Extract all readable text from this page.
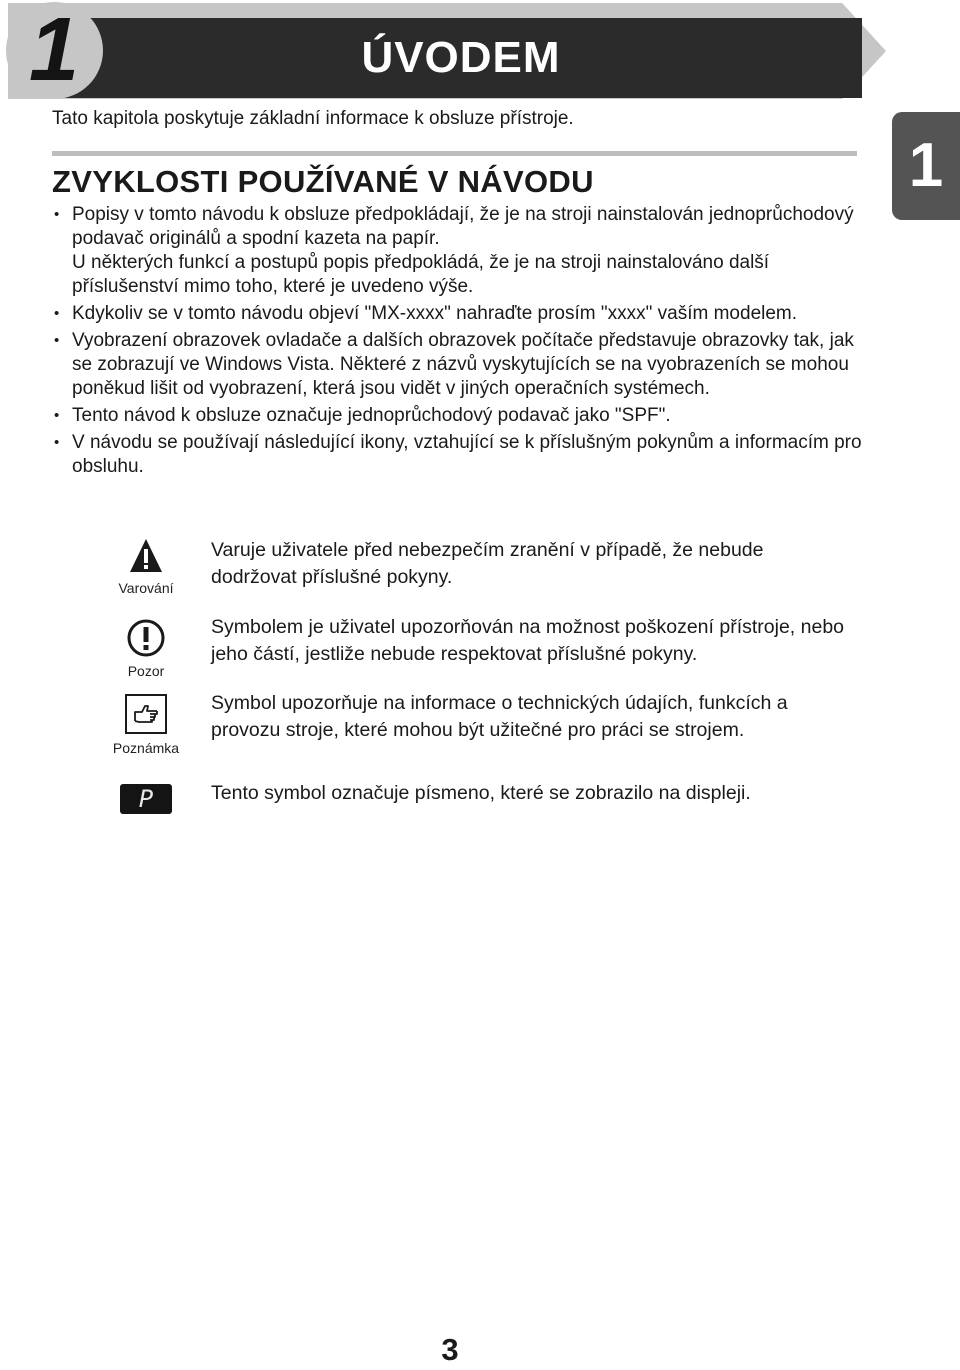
ÚVODEM
1
Tato kapitola poskytuje základní informace k obsluze přístroje.
1
ZVYKLOSTI POUŽÍVANÉ V NÁVODU
• Popisy v tomto návodu k obsluze předpokládají, že je na stroji nainstalován jednoprůchodový podavač originálů a spodní kazeta na papír.
U některých funkcí a postupů popis předpokládá, že je na stroji nainstalováno další příslušenství mimo toho, které je uvedeno výše.
• Kdykoliv se v tomto návodu objeví "MX-xxxx" nahraďte prosím "xxxx" vaším modelem.
• Vyobrazení obrazovek ovladače a dalších obrazovek počítače představuje obrazovky tak, jak se zobrazují ve Windows Vista. Některé z názvů vyskytujících se na vyobrazeních se mohou poněkud lišit od vyobrazení, která jsou vidět v jiných operačních systémech.
• Tento návod k obsluze označuje jednoprůchodový podavač jako "SPF".
• V návodu se používají následující ikony, vztahující se k příslušným pokynům a informacím pro obsluhu.
Varování
Varuje uživatele před nebezpečím zranění v případě, že nebude dodržovat příslušné pokyny.
Pozor
Symbolem je uživatel upozorňován na možnost poškození přístroje, nebo jeho částí, jestliže nebude respektovat příslušné pokyny.
Poznámka
Symbol upozorňuje na informace o technických údajích, funkcích a provozu stroje, které mohou být užitečné pro práci se strojem.
P	Tento symbol označuje písmeno, které se zobrazilo na displeji.
3
